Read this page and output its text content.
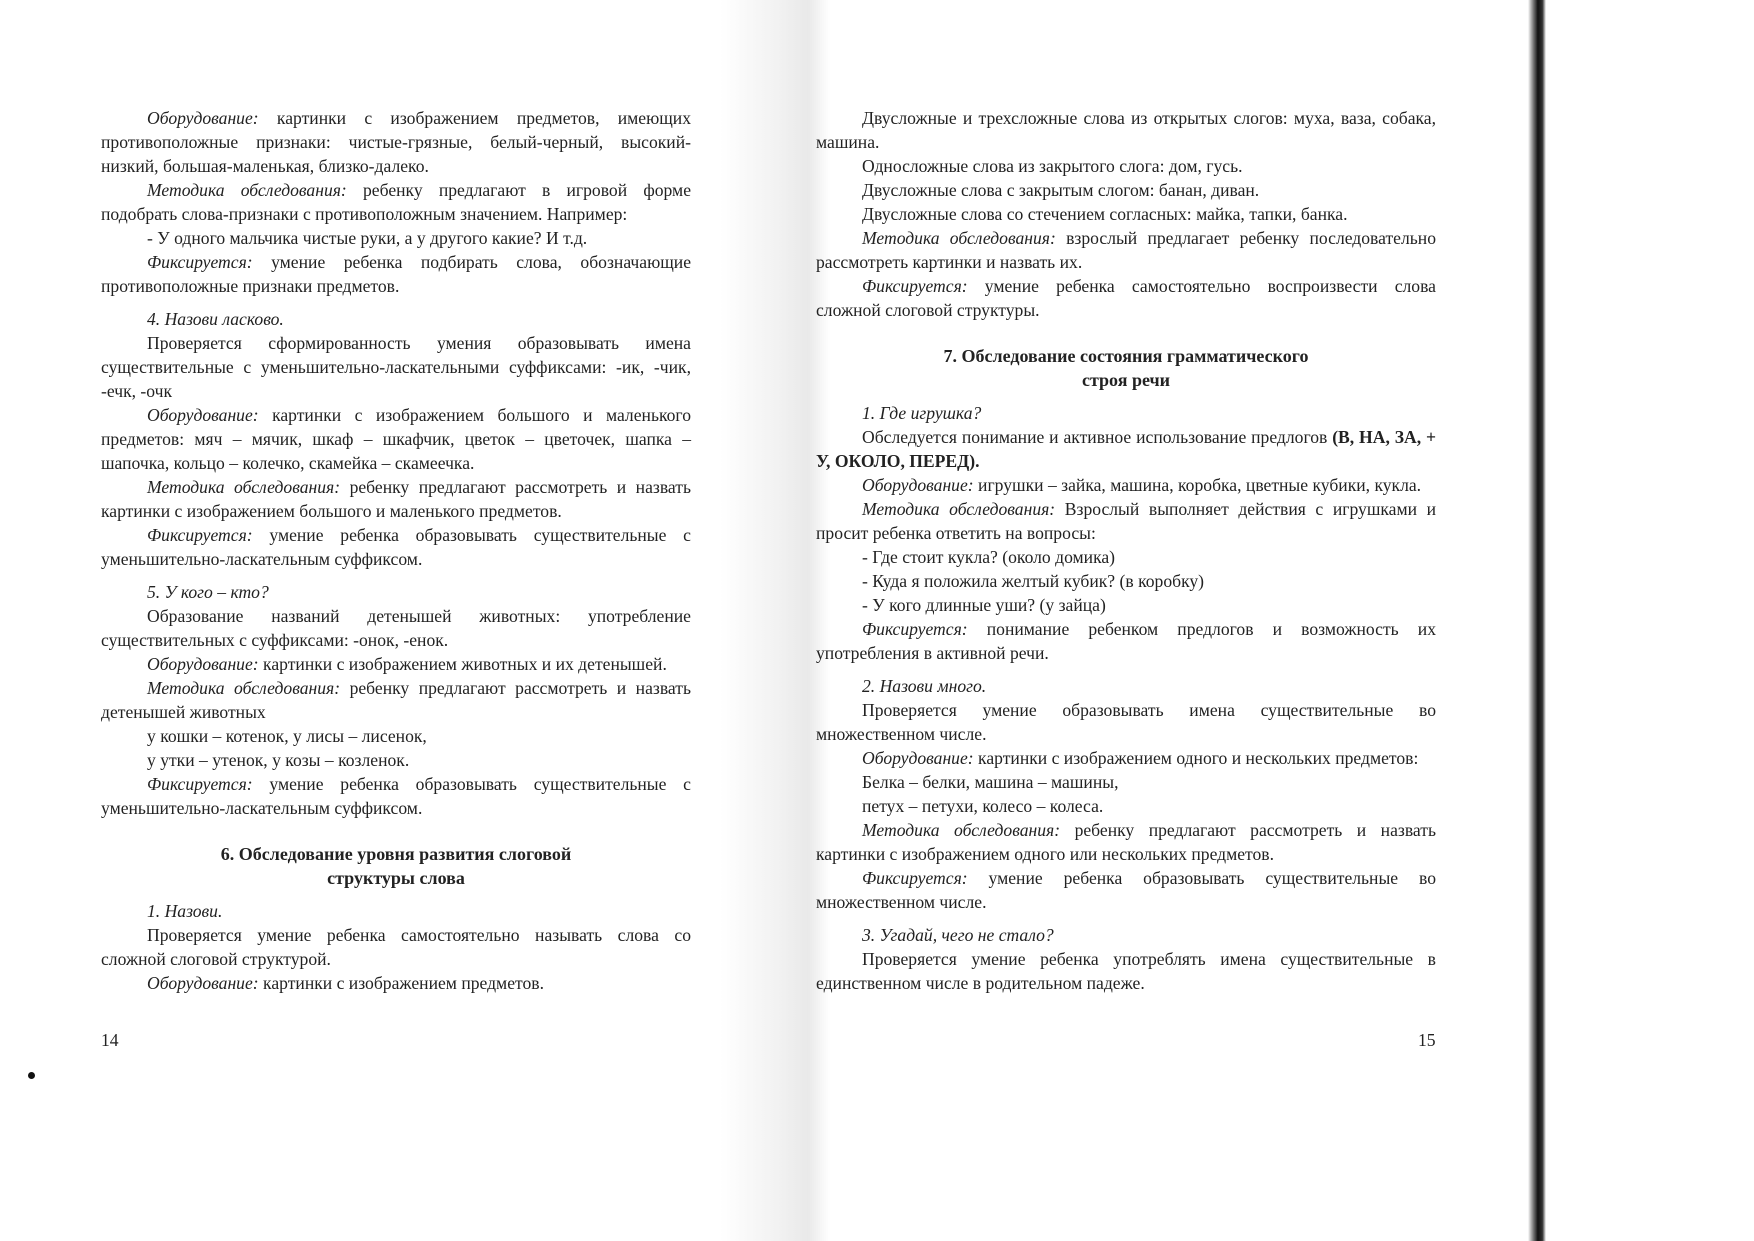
Оборудование: картинки с изображением предметов, имеющих противоположные признаки: чистые-грязные, белый-черный, высокий-низкий, большая-маленькая, близко-далеко.

Методика обследования: ребенку предлагают в игровой форме подобрать слова-признаки с противоположным значением. Например:

- У одного мальчика чистые руки, а у другого какие? И т.д.

Фиксируется: умение ребенка подбирать слова, обозначающие противоположные признаки предметов.

4. Назови ласково.

Проверяется сформированность умения образовывать имена существительные с уменьшительно-ласкательными суффиксами: -ик, -чик, -ечк, -очк

Оборудование: картинки с изображением большого и маленького предметов: мяч – мячик, шкаф – шкафчик, цветок – цветочек, шапка – шапочка, кольцо – колечко, скамейка – скамеечка.

Методика обследования: ребенку предлагают рассмотреть и назвать картинки с изображением большого и маленького предметов.

Фиксируется: умение ребенка образовывать существительные с уменьшительно-ласкательным суффиксом.

5. У кого – кто?

Образование названий детенышей животных: употребление существительных с суффиксами: -онок, -енок.

Оборудование: картинки с изображением животных и их детенышей.

Методика обследования: ребенку предлагают рассмотреть и назвать детенышей животных

у кошки – котенок, у лисы – лисенок,

у утки – утенок, у козы – козленок.

Фиксируется: умение ребенка образовывать существительные с уменьшительно-ласкательным суффиксом.

6. Обследование уровня развития слоговой
структуры слова

1. Назови.

Проверяется умение ребенка самостоятельно называть слова со сложной слоговой структурой.

Оборудование: картинки с изображением предметов.

Двусложные и трехсложные слова из открытых слогов: муха, ваза, собака, машина.

Односложные слова из закрытого слога: дом, гусь.

Двусложные слова с закрытым слогом: банан, диван.

Двусложные слова со стечением согласных: майка, тапки, банка.

Методика обследования: взрослый предлагает ребенку последовательно рассмотреть картинки и назвать их.

Фиксируется: умение ребенка самостоятельно воспроизвести слова сложной слоговой структуры.

7. Обследование состояния грамматического
строя речи

1. Где игрушка?

Обследуется понимание и активное использование предлогов (В, НА, ЗА, + У, ОКОЛО, ПЕРЕД).

Оборудование: игрушки – зайка, машина, коробка, цветные кубики, кукла.

Методика обследования: Взрослый выполняет действия с игрушками и просит ребенка ответить на вопросы:

- Где стоит кукла? (около домика)

- Куда я положила желтый кубик? (в коробку)

- У кого длинные уши? (у зайца)

Фиксируется: понимание ребенком предлогов и возможность их употребления в активной речи.

2. Назови много.

Проверяется умение образовывать имена существительные во множественном числе.

Оборудование: картинки с изображением одного и нескольких предметов:

Белка – белки, машина – машины,

петух – петухи, колесо – колеса.

Методика обследования: ребенку предлагают рассмотреть и назвать картинки с изображением одного или нескольких предметов.

Фиксируется: умение ребенка образовывать существительные во множественном числе.

3. Угадай, чего не стало?

Проверяется умение ребенка употреблять имена существительные в единственном числе в родительном падеже.

14	15
